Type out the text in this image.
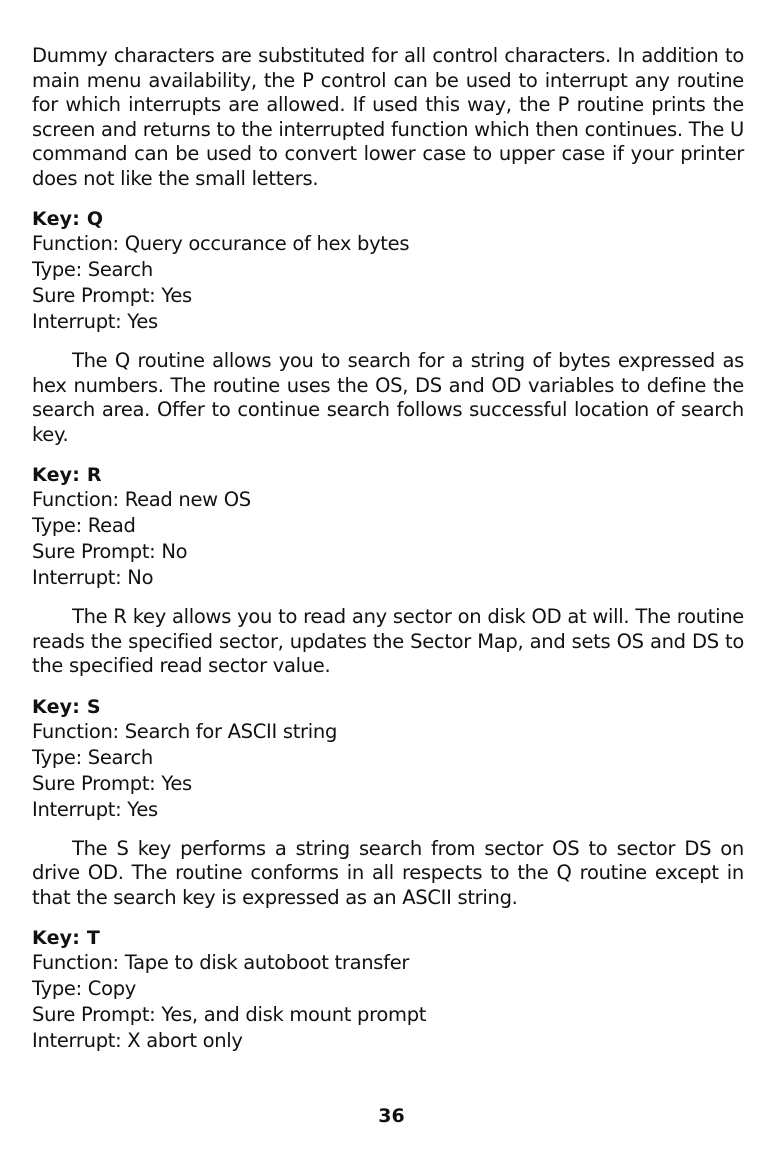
Dummy characters are substituted for all control characters. In addition to main menu availability, the P control can be used to interrupt any routine for which interrupts are allowed. If used this way, the P routine prints the screen and returns to the interrupted function which then continues. The U command can be used to convert lower case to upper case if your printer does not like the small letters.

Key: Q

Function: Query occurance of hex bytes

Type: Search

Sure Prompt: Yes

Interrupt: Yes

The Q routine allows you to search for a string of bytes expressed as hex numbers. The routine uses the OS, DS and OD variables to define the search area. Offer to continue search follows successful location of search key.

Key: R

Function: Read new OS

Type: Read

Sure Prompt: No

Interrupt: No

The R key allows you to read any sector on disk OD at will. The routine reads the specified sector, updates the Sector Map, and sets OS and DS to the specified read sector value.

Key: S

Function: Search for ASCII string

Type: Search

Sure Prompt: Yes

Interrupt: Yes

The S key performs a string search from sector OS to sector DS on drive OD. The routine conforms in all respects to the Q routine except in that the search key is expressed as an ASCII string.

Key: T

Function: Tape to disk autoboot transfer

Type: Copy

Sure Prompt: Yes, and disk mount prompt

Interrupt: X abort only

36
